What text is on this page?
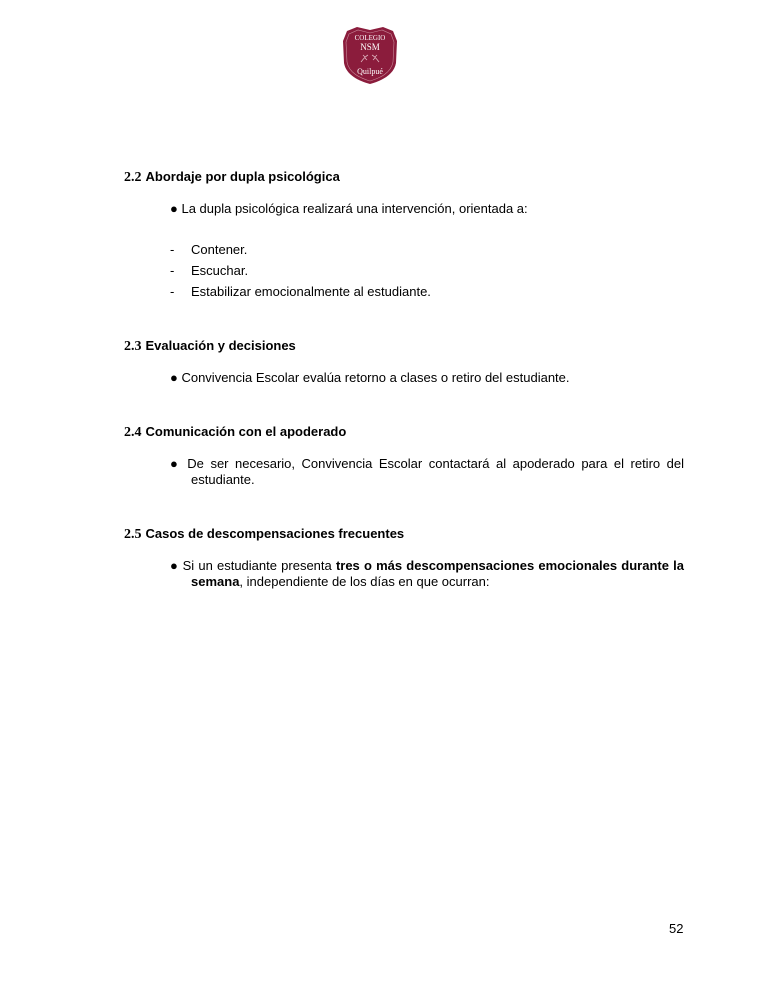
COLEGIO
NSM
Quilpué
2.2 Abordaje por dupla psicológica
● La dupla psicológica realizará una intervención, orientada a:
- Contener.
- Escuchar.
- Estabilizar emocionalmente al estudiante.
2.3 Evaluación y decisiones
● Convivencia Escolar evalúa retorno a clases o retiro del estudiante.
2.4 Comunicación con el apoderado
● De ser necesario, Convivencia Escolar contactará al apoderado para el retiro del
estudiante.
2.5 Casos de descompensaciones frecuentes
● Si un estudiante presenta tres o más descompensaciones emocionales durante la
semana, independiente de los días en que ocurran:
52
